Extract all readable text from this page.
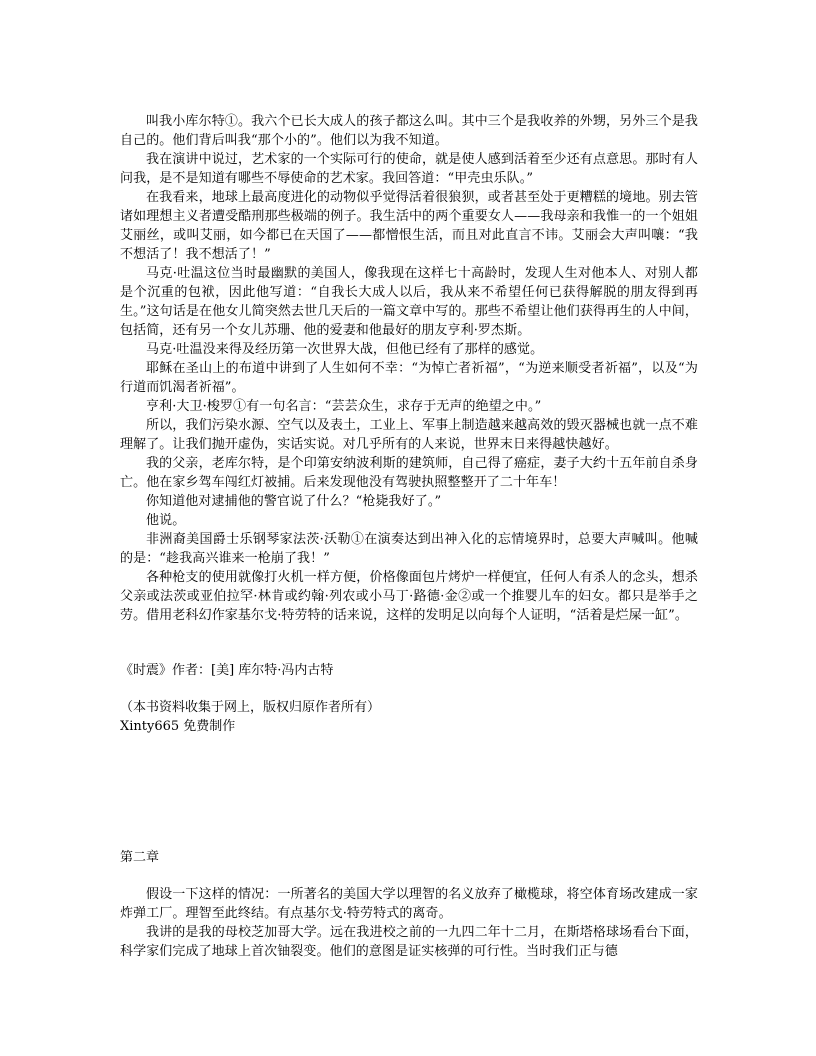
叫我小库尔特①。我六个已长大成人的孩子都这么叫。其中三个是我收养的外甥，另外三个是我自己的。他们背后叫我“那个小的”。他们以为我不知道。

我在演讲中说过，艺术家的一个实际可行的使命，就是使人感到活着至少还有点意思。那时有人问我，是不是知道有哪些不辱使命的艺术家。我回答道：“甲壳虫乐队。”

在我看来，地球上最高度进化的动物似乎觉得活着很狼狈，或者甚至处于更糟糕的境地。别去管诸如理想主义者遭受酷刑那些极端的例子。我生活中的两个重要女人——我母亲和我惟一的一个姐姐艾丽丝，或叫艾丽，如今都已在天国了——都憎恨生活，而且对此直言不讳。艾丽会大声叫嚷：“我不想活了！我不想活了！”

马克·吐温这位当时最幽默的美国人，像我现在这样七十高龄时，发现人生对他本人、对别人都是个沉重的包袱，因此他写道：“自我长大成人以后，我从来不希望任何已获得解脱的朋友得到再生。”这句话是在他女儿简突然去世几天后的一篇文章中写的。那些不希望让他们获得再生的人中间，包括简，还有另一个女儿苏珊、他的爱妻和他最好的朋友亨利·罗杰斯。

马克·吐温没来得及经历第一次世界大战，但他已经有了那样的感觉。

耶稣在圣山上的布道中讲到了人生如何不幸：“为悼亡者祈福”，“为逆来顺受者祈福”，以及“为行道而饥渴者祈福”。

亨利·大卫·梭罗①有一句名言：“芸芸众生，求存于无声的绝望之中。”

所以，我们污染水源、空气以及表土，工业上、军事上制造越来越高效的毁灭器械也就一点不难理解了。让我们抛开虚伪，实话实说。对几乎所有的人来说，世界末日来得越快越好。

我的父亲，老库尔特，是个印第安纳波利斯的建筑师，自己得了癌症，妻子大约十五年前自杀身亡。他在家乡驾车闯红灯被捕。后来发现他没有驾驶执照整整开了二十年车！

你知道他对逮捕他的警官说了什么？“枪毙我好了。”

他说。

非洲裔美国爵士乐钢琴家法茨·沃勒①在演奏达到出神入化的忘情境界时，总要大声喊叫。他喊的是：“趁我高兴谁来一枪崩了我！”

各种枪支的使用就像打火机一样方便，价格像面包片烤炉一样便宜，任何人有杀人的念头，想杀父亲或法茨或亚伯拉罕·林肯或约翰·列农或小马丁·路德·金②或一个推婴儿车的妇女。都只是举手之劳。借用老科幻作家基尔戈·特劳特的话来说，这样的发明足以向每个人证明，“活着是烂屎一缸”。

《时震》作者：[美] 库尔特·冯内古特

（本书资料收集于网上，版权归原作者所有）

Xinty665 免费制作

第二章

假设一下这样的情况：一所著名的美国大学以理智的名义放弃了橄榄球，将空体育场改建成一家炸弹工厂。理智至此终结。有点基尔戈·特劳特式的离奇。

我讲的是我的母校芝加哥大学。远在我进校之前的一九四二年十二月，在斯塔格球场看台下面，科学家们完成了地球上首次铀裂变。他们的意图是证实核弹的可行性。当时我们正与德
